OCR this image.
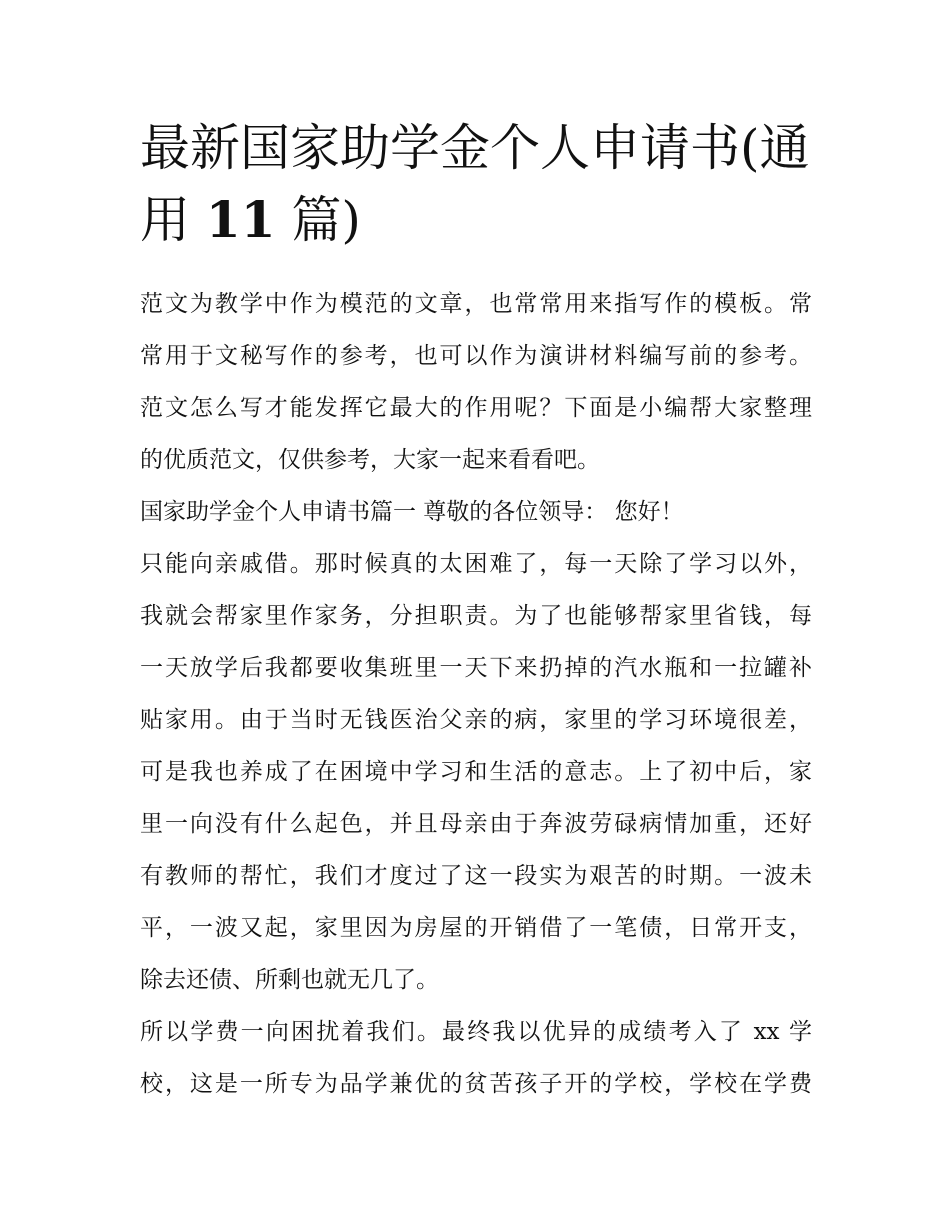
最新国家助学金个人申请书(通
用 11 篇)

范文为教学中作为模范的文章，也常常用来指写作的模板。常
常用于文秘写作的参考，也可以作为演讲材料编写前的参考。
范文怎么写才能发挥它最大的作用呢？下面是小编帮大家整理
的优质范文，仅供参考，大家一起来看看吧。

国家助学金个人申请书篇一 尊敬的各位领导： 您好！

只能向亲戚借。那时候真的太困难了，每一天除了学习以外，
我就会帮家里作家务，分担职责。为了也能够帮家里省钱，每
一天放学后我都要收集班里一天下来扔掉的汽水瓶和一拉罐补
贴家用。由于当时无钱医治父亲的病，家里的学习环境很差，
可是我也养成了在困境中学习和生活的意志。上了初中后，家
里一向没有什么起色，并且母亲由于奔波劳碌病情加重，还好
有教师的帮忙，我们才度过了这一段实为艰苦的时期。一波未
平，一波又起，家里因为房屋的开销借了一笔债，日常开支，
除去还债、所剩也就无几了。

所以学费一向困扰着我们。最终我以优异的成绩考入了 xx 学
校，这是一所专为品学兼优的贫苦孩子开的学校，学校在学费
